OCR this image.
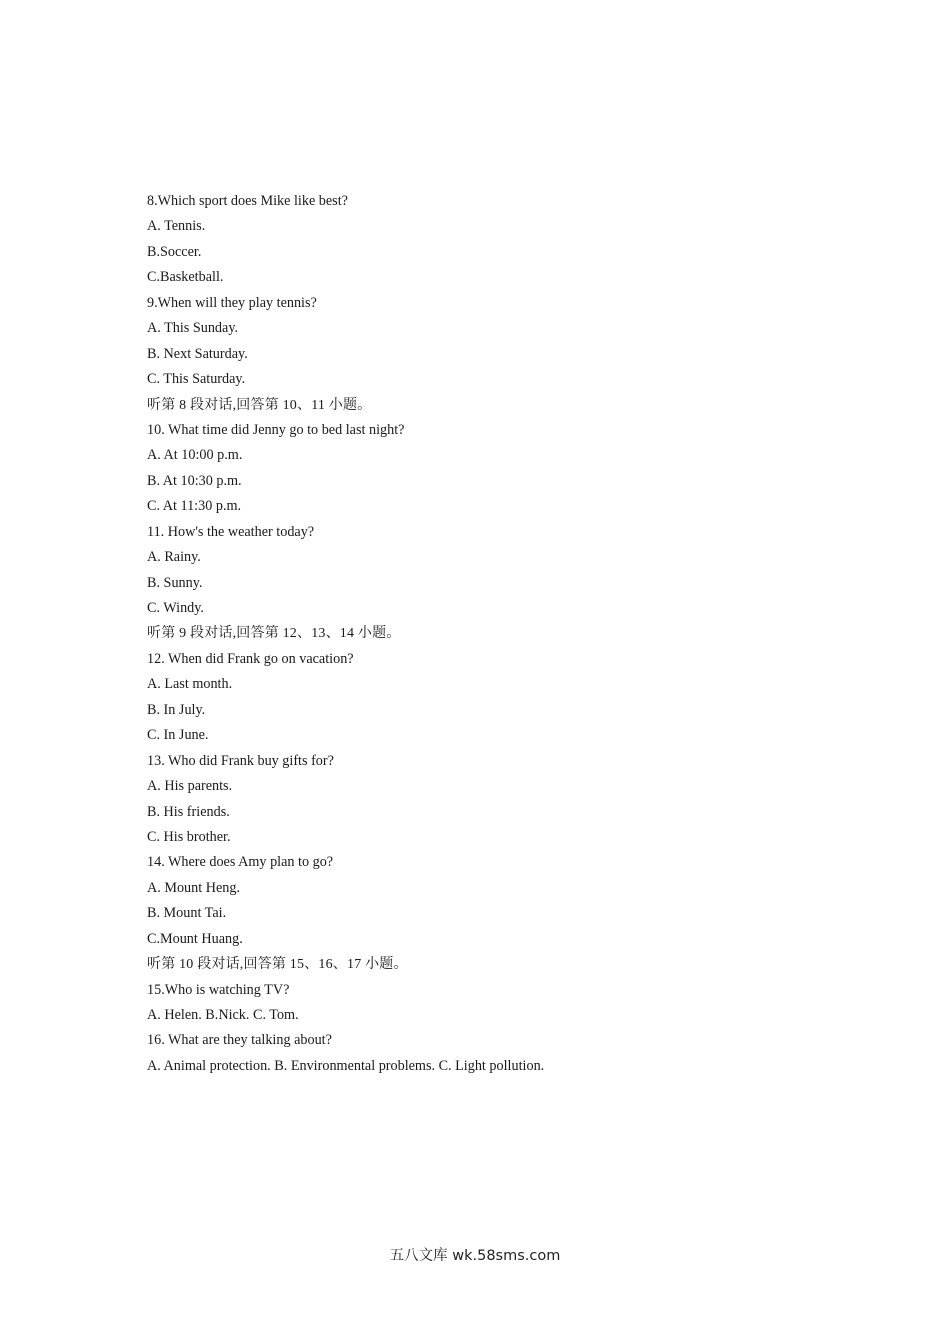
8.Which sport does Mike like best?
A. Tennis.
B.Soccer.
C.Basketball.
9.When will they play tennis?
A. This Sunday.
B. Next Saturday.
C. This Saturday.
听第 8 段对话,回答第 10、11 小题。
10. What time did Jenny go to bed last night?
A. At 10:00 p.m.
B. At 10:30 p.m.
C. At 11:30 p.m.
11. How's the weather today?
A. Rainy.
B. Sunny.
C. Windy.
听第 9 段对话,回答第 12、13、14 小题。
12. When did Frank go on vacation?
A. Last month.
B. In July.
C. In June.
13. Who did Frank buy gifts for?
A. His parents.
B. His friends.
C. His brother.
14. Where does Amy plan to go?
A. Mount Heng.
B. Mount Tai.
C.Mount Huang.
听第 10 段对话,回答第 15、16、17 小题。
15.Who is watching TV?
A. Helen. B.Nick. C. Tom.
16. What are they talking about?
A. Animal protection. B. Environmental problems. C. Light pollution.
五八文库 wk.58sms.com
